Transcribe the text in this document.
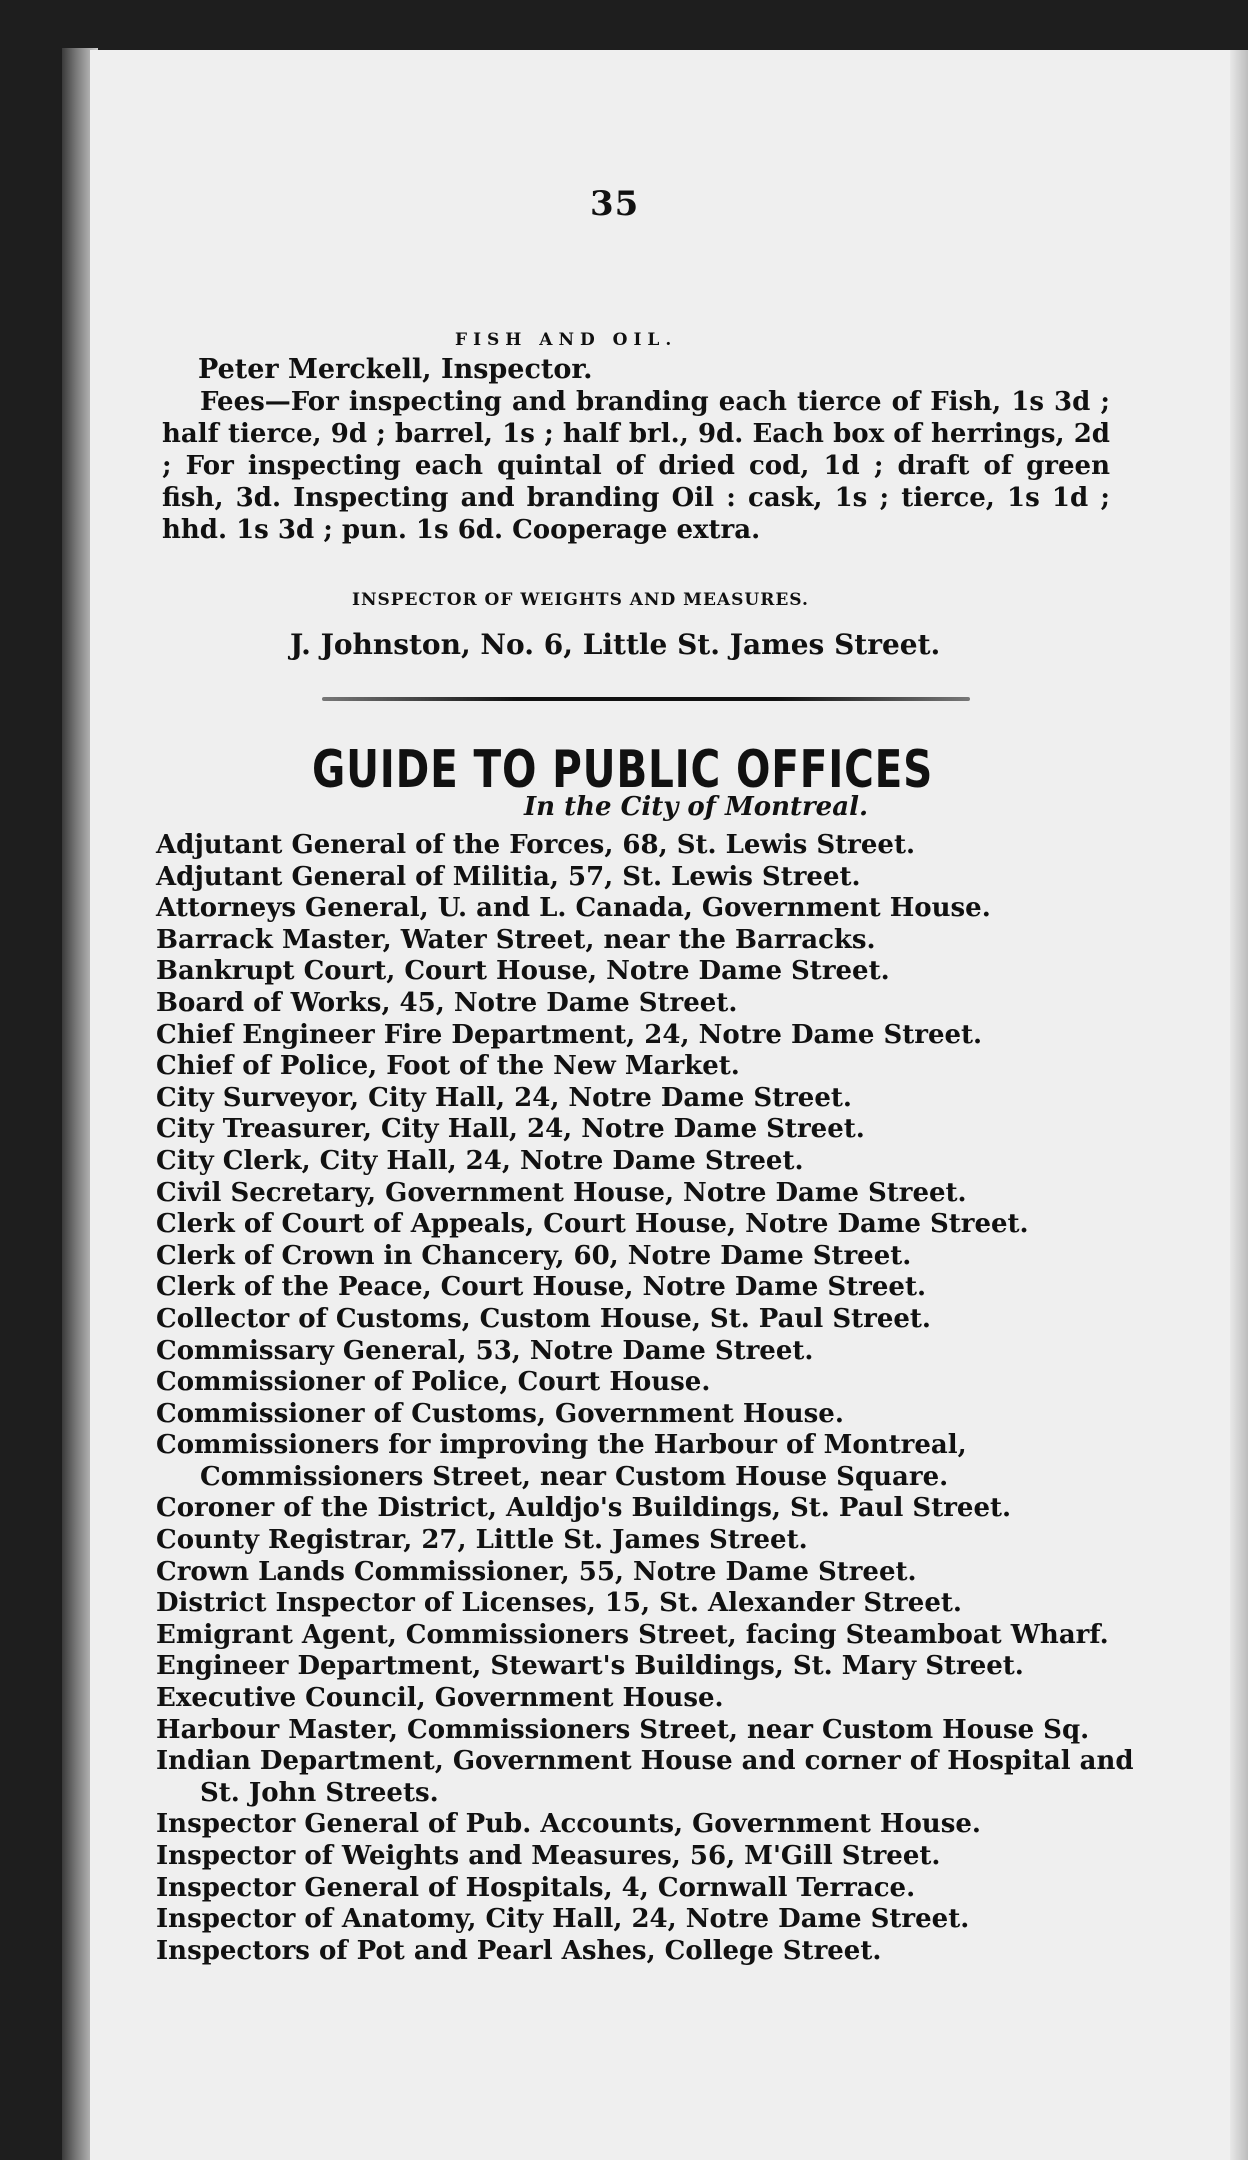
35
FISH AND OIL.
Peter Merckell, Inspector.
Fees—For inspecting and branding each tierce of Fish, 1s 3d ; half tierce, 9d ; barrel, 1s ; half brl., 9d. Each box of herrings, 2d ; For inspecting each quintal of dried cod, 1d ; draft of green fish, 3d. Inspecting and branding Oil : cask, 1s ; tierce, 1s 1d ; hhd. 1s 3d ; pun. 1s 6d. Cooperage extra.
INSPECTOR OF WEIGHTS AND MEASURES.
J. Johnston, No. 6, Little St. James Street.
GUIDE TO PUBLIC OFFICES
In the City of Montreal.
Adjutant General of the Forces, 68, St. Lewis Street.
Adjutant General of Militia, 57, St. Lewis Street.
Attorneys General, U. and L. Canada, Government House.
Barrack Master, Water Street, near the Barracks.
Bankrupt Court, Court House, Notre Dame Street.
Board of Works, 45, Notre Dame Street.
Chief Engineer Fire Department, 24, Notre Dame Street.
Chief of Police, Foot of the New Market.
City Surveyor, City Hall, 24, Notre Dame Street.
City Treasurer, City Hall, 24, Notre Dame Street.
City Clerk, City Hall, 24, Notre Dame Street.
Civil Secretary, Government House, Notre Dame Street.
Clerk of Court of Appeals, Court House, Notre Dame Street.
Clerk of Crown in Chancery, 60, Notre Dame Street.
Clerk of the Peace, Court House, Notre Dame Street.
Collector of Customs, Custom House, St. Paul Street.
Commissary General, 53, Notre Dame Street.
Commissioner of Police, Court House.
Commissioner of Customs, Government House.
Commissioners for improving the Harbour of Montreal, Commissioners Street, near Custom House Square.
Coroner of the District, Auldjo's Buildings, St. Paul Street.
County Registrar, 27, Little St. James Street.
Crown Lands Commissioner, 55, Notre Dame Street.
District Inspector of Licenses, 15, St. Alexander Street.
Emigrant Agent, Commissioners Street, facing Steamboat Wharf.
Engineer Department, Stewart's Buildings, St. Mary Street.
Executive Council, Government House.
Harbour Master, Commissioners Street, near Custom House Sq.
Indian Department, Government House and corner of Hospital and St. John Streets.
Inspector General of Pub. Accounts, Government House.
Inspector of Weights and Measures, 56, M'Gill Street.
Inspector General of Hospitals, 4, Cornwall Terrace.
Inspector of Anatomy, City Hall, 24, Notre Dame Street.
Inspectors of Pot and Pearl Ashes, College Street.
